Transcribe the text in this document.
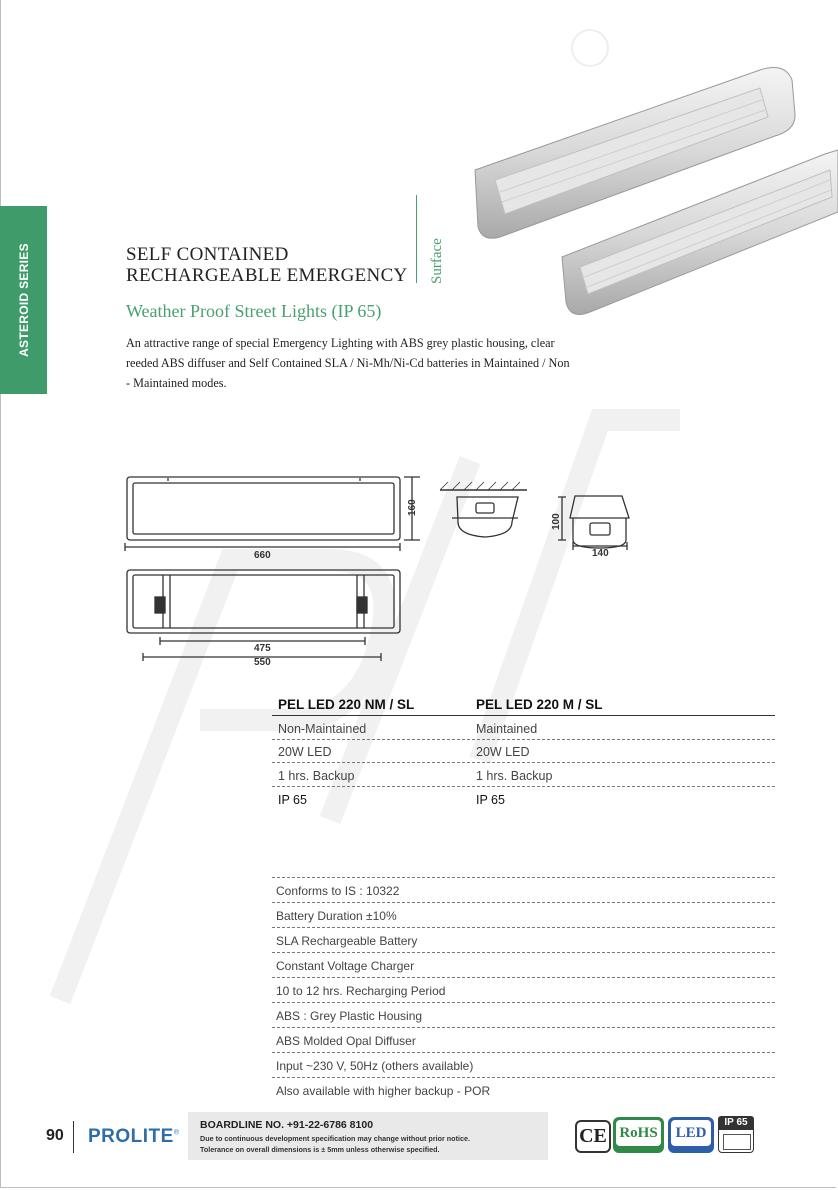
ASTEROID SERIES	SELF CONTAINED
RECHARGEABLE EMERGENCY Surface
Weather Proof Street Lights (IP 65)
An attractive range of special Emergency Lighting with ABS grey plastic housing, clear reeded ABS diffuser and Self Contained SLA / Ni-Mh/Ni-Cd batteries in Maintained / Non - Maintained modes.
660
160
100
140
475
550
PEL LED 220 NM / SL	PEL LED 220 M / SL
Non-Maintained	Maintained
20W LED	20W LED
1 hrs. Backup	1 hrs. Backup
IP 65	IP 65
Conforms to IS : 10322
Battery Duration ±10%
SLA Rechargeable Battery
Constant Voltage Charger
10 to 12 hrs. Recharging Period
ABS : Grey Plastic Housing
ABS Molded Opal Diffuser
Input ~230 V, 50Hz (others available)
Also available with higher backup - POR
90 PROLITE®
BOARDLINE NO. +91-22-6786 8100
Due to continuous development specification may change without prior notice.
Tolerance on overall dimensions is ± 5mm unless otherwise specified.
CE RoHS	LED
IP 65
